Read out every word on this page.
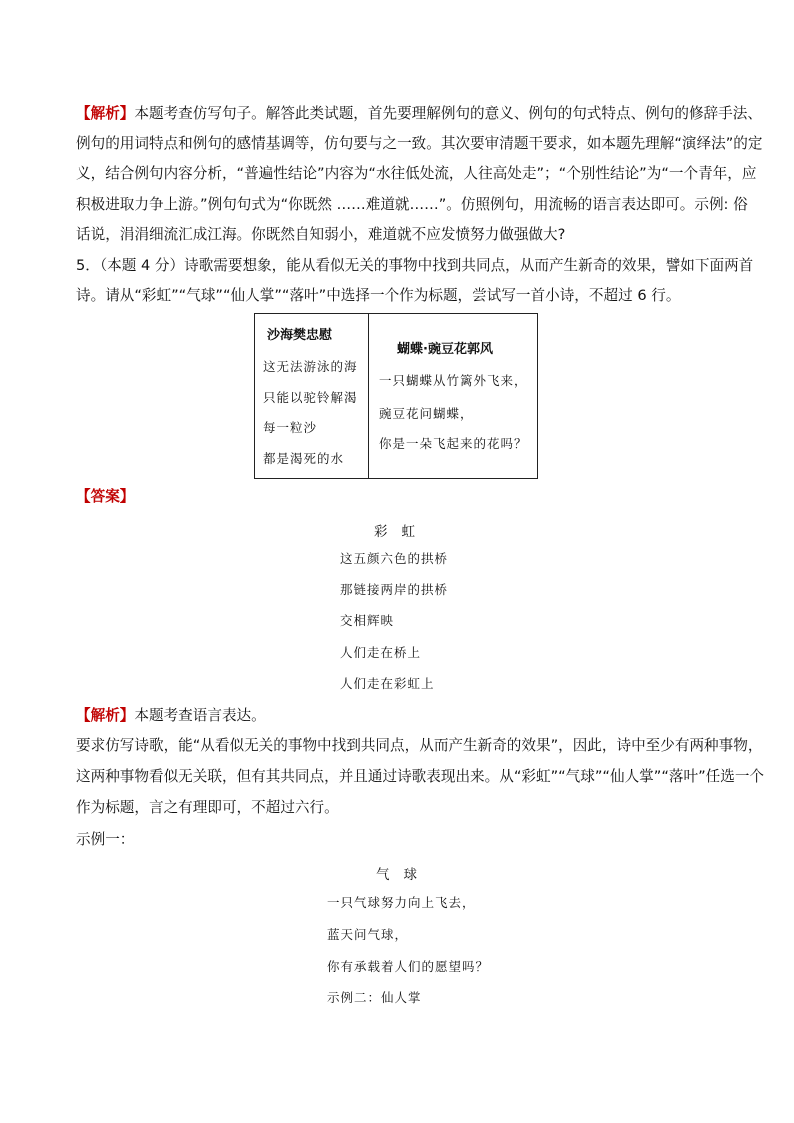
【解析】本题考查仿写句子。解答此类试题，首先要理解例句的意义、例句的句式特点、例句的修辞手法、
例句的用词特点和例句的感情基调等，仿句要与之一致。其次要审清题干要求，如本题先理解“演绎法”的定
义，结合例句内容分析，“普遍性结论”内容为“水往低处流，人往高处走”；“个别性结论”为“一个青年，应
积极进取力争上游。”例句句式为“你既然 ……难道就……”。仿照例句，用流畅的语言表达即可。示例: 俗
话说，涓涓细流汇成江海。你既然自知弱小，难道就不应发愤努力做强做大?
5．（本题 4 分）诗歌需要想象，能从看似无关的事物中找到共同点，从而产生新奇的效果，譬如下面两首
诗。请从“彩虹”“气球”“仙人掌”“落叶”中选择一个作为标题，尝试写一首小诗，不超过 6 行。
沙海樊忠慰
这无法游泳的海
只能以驼铃解渴
每一粒沙
都是渴死的水
蝴蝶·豌豆花郭风
一只蝴蝶从竹篱外飞来，
豌豆花问蝴蝶，
你是一朵飞起来的花吗？
【答案】
彩虹
这五颜六色的拱桥
那链接两岸的拱桥
交相辉映
人们走在桥上
人们走在彩虹上
【解析】本题考查语言表达。
要求仿写诗歌，能“从看似无关的事物中找到共同点，从而产生新奇的效果”，因此，诗中至少有两种事物，
这两种事物看似无关联，但有其共同点，并且通过诗歌表现出来。从“彩虹”“气球”“仙人掌”“落叶”任选一个
作为标题，言之有理即可，不超过六行。
示例一：
气球
一只气球努力向上飞去，
蓝天问气球，
你有承载着人们的愿望吗？
示例二：仙人掌
